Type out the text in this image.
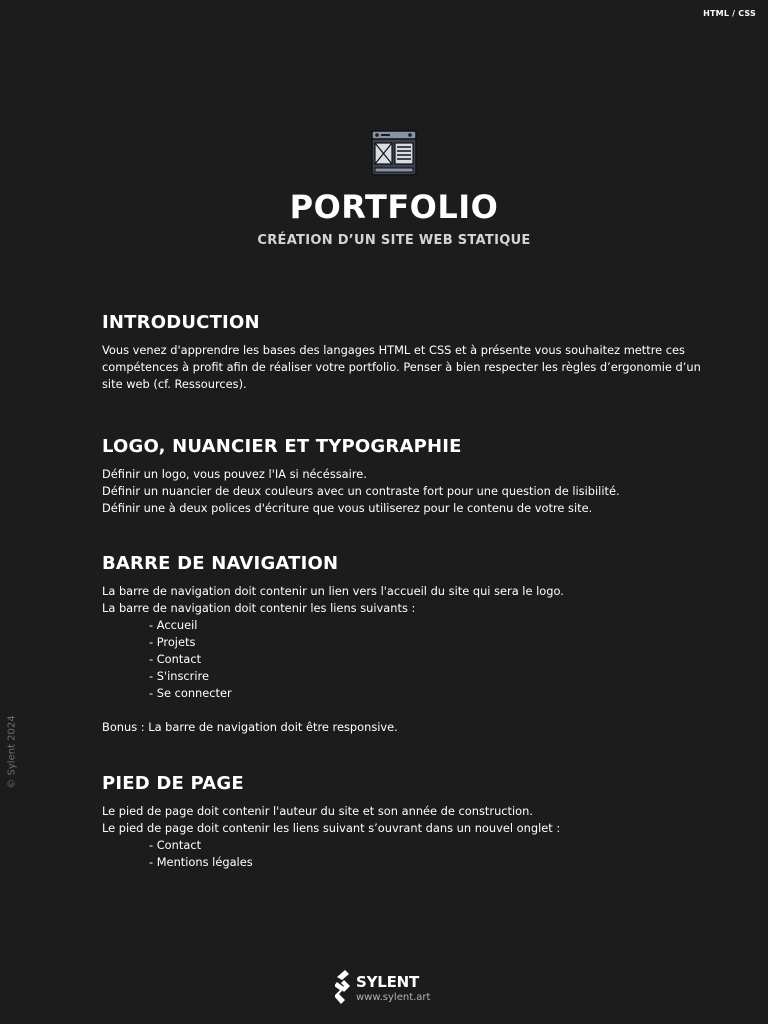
HTML / CSS
© Sylent 2024
PORTFOLIO
CRÉATION D’UN SITE WEB STATIQUE
INTRODUCTION

Vous venez d'apprendre les bases des langages HTML et CSS et à présente vous souhaitez mettre ces compétences à profit afin de réaliser votre portfolio. Penser à bien respecter les règles d’ergonomie d’un site web (cf. Ressources).

LOGO, NUANCIER ET TYPOGRAPHIE

Définir un logo, vous pouvez l'IA si nécéssaire.

Définir un nuancier de deux couleurs avec un contraste fort pour une question de lisibilité.

Définir une à deux polices d'écriture que vous utiliserez pour le contenu de votre site.

BARRE DE NAVIGATION

La barre de navigation doit contenir un lien vers l'accueil du site qui sera le logo.

La barre de navigation doit contenir les liens suivants :

- Accueil
- Projets
- Contact
- S'inscrire
- Se connecter

Bonus : La barre de navigation doit être responsive.

PIED DE PAGE

Le pied de page doit contenir l'auteur du site et son année de construction.

Le pied de page doit contenir les liens suivant s’ouvrant dans un nouvel onglet :

- Contact
- Mentions légales
SYLENT
www.sylent.art
